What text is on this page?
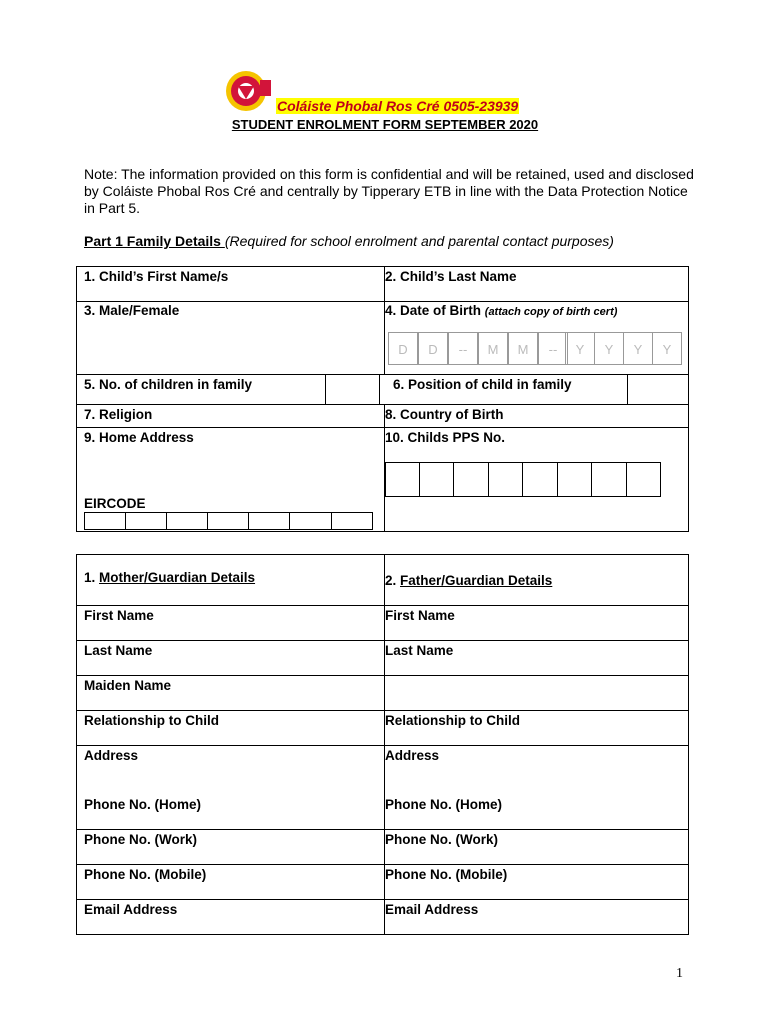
Coláiste Phobal Ros Cré 0505-23939
STUDENT ENROLMENT FORM SEPTEMBER 2020
Note: The information provided on this form is confidential and will be retained, used and disclosed by Coláiste Phobal Ros Cré and centrally by Tipperary ETB in line with the Data Protection Notice in Part 5.
Part 1 Family Details (Required for school enrolment and parental contact purposes)
1. Child’s First Name/s	2. Child’s Last Name
3. Male/Female	4. Date of Birth (attach copy of birth cert)
D	D	--	M	M	--	Y	Y	Y	Y
5. No. of children in family	6. Position of child in family
7. Religion	8. Country of Birth
9. Home Address	10. Childs PPS No.
EIRCODE
1. Mother/Guardian Details	2. Father/Guardian Details
First Name	First Name
Last Name	Last Name
Maiden Name
Relationship to Child	Relationship to Child
Address	Address
Phone No. (Home)	Phone No. (Home)
Phone No. (Work)	Phone No. (Work)
Phone No. (Mobile)	Phone No. (Mobile)
Email Address	Email Address
1
